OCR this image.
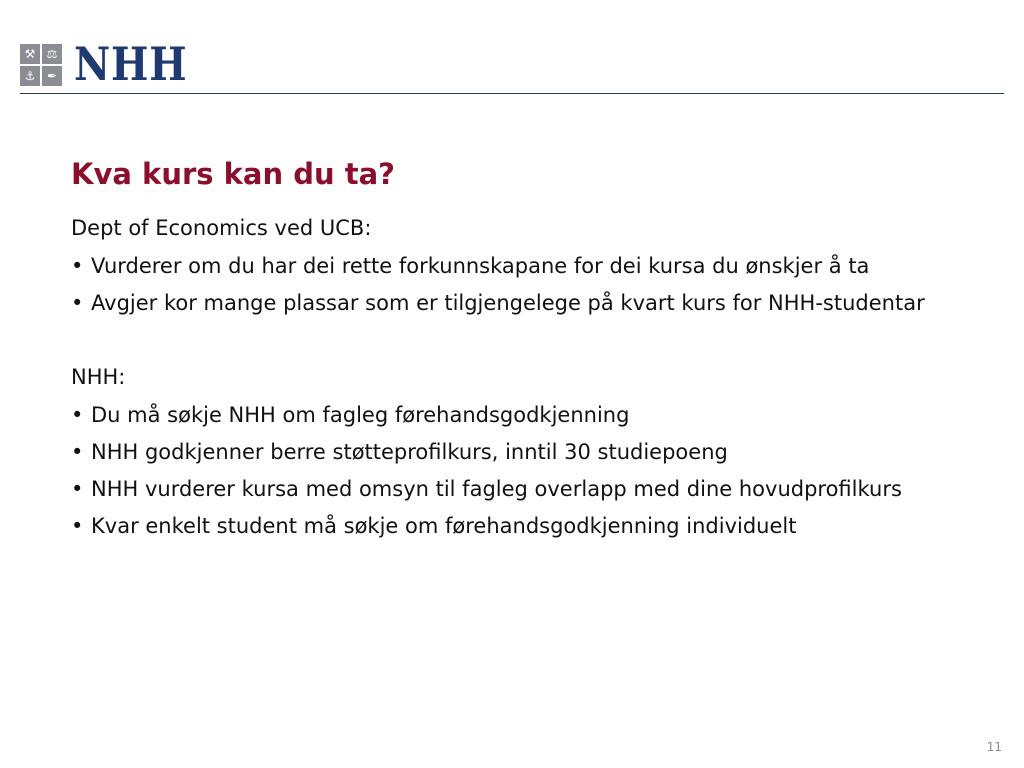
⚒ ⚖
⚓ ✒ NHH
Kva kurs kan du ta?

Dept of Economics ved UCB:

• Vurderer om du har dei rette forkunnskapane for dei kursa du ønskjer å ta
• Avgjer kor mange plassar som er tilgjengelege på kvart kurs for NHH-studentar

NHH:

• Du må søkje NHH om fagleg førehandsgodkjenning
• NHH godkjenner berre støtteprofilkurs, inntil 30 studiepoeng
• NHH vurderer kursa med omsyn til fagleg overlapp med dine hovudprofilkurs
• Kvar enkelt student må søkje om førehandsgodkjenning individuelt
11
